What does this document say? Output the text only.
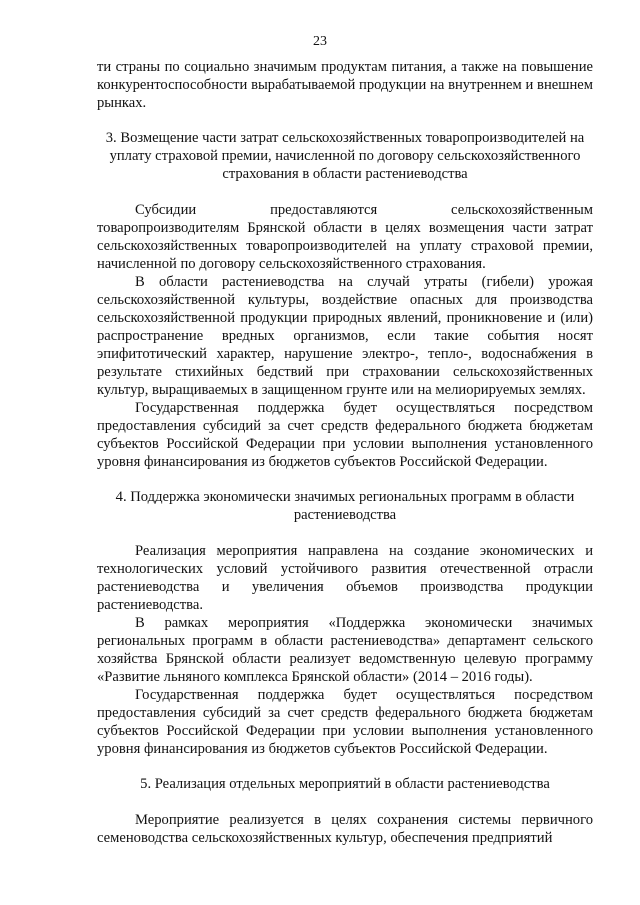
23

ти страны по социально значимым продуктам питания, а также на повышение конкурентоспособности вырабатываемой продукции на внутреннем и внешнем рынках.

3. Возмещение части затрат сельскохозяйственных товаропроизводителей на уплату страховой премии, начисленной по договору сельскохозяйственного страхования в области растениеводства

Субсидии предоставляются сельскохозяйственным товаропроизводителям Брянской области в целях возмещения части затрат сельскохозяйственных товаропроизводителей на уплату страховой премии, начисленной по договору сельскохозяйственного страхования.

В области растениеводства на случай утраты (гибели) урожая сельскохозяйственной культуры, воздействие опасных для производства сельскохозяйственной продукции природных явлений, проникновение и (или) распространение вредных организмов, если такие события носят эпифитотический характер, нарушение электро-, тепло-, водоснабжения в результате стихийных бедствий при страховании сельскохозяйственных культур, выращиваемых в защищенном грунте или на мелиорируемых землях.

Государственная поддержка будет осуществляться посредством предоставления субсидий за счет средств федерального бюджета бюджетам субъектов Российской Федерации при условии выполнения установленного уровня финансирования из бюджетов субъектов Российской Федерации.

4. Поддержка экономически значимых региональных программ в области растениеводства

Реализация мероприятия направлена на создание экономических и технологических условий устойчивого развития отечественной отрасли растениеводства и увеличения объемов производства продукции растениеводства.

В рамках мероприятия «Поддержка экономически значимых региональных программ в области растениеводства» департамент сельского хозяйства Брянской области реализует ведомственную целевую программу «Развитие льняного комплекса Брянской области» (2014 – 2016 годы).

Государственная поддержка будет осуществляться посредством предоставления субсидий за счет средств федерального бюджета бюджетам субъектов Российской Федерации при условии выполнения установленного уровня финансирования из бюджетов субъектов Российской Федерации.

5. Реализация отдельных мероприятий в области растениеводства

Мероприятие реализуется в целях сохранения системы первичного семеноводства сельскохозяйственных культур, обеспечения предприятий
